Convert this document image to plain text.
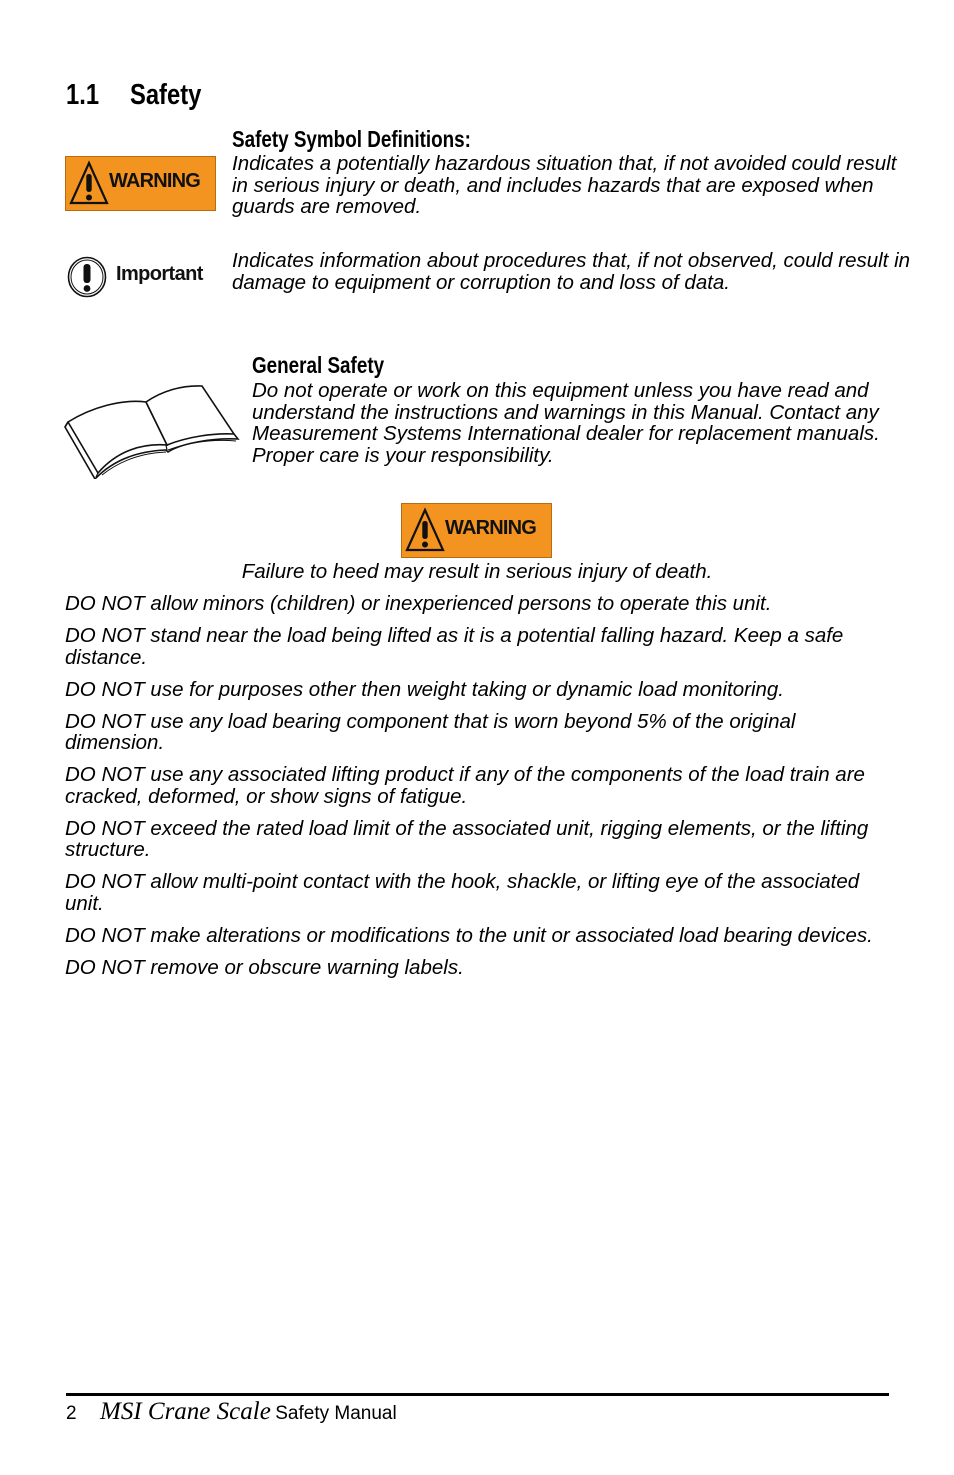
1.1 Safety
Safety Symbol Definitions:
WARNING
Indicates a potentially hazardous situation that, if not avoided could result in serious injury or death, and includes hazards that are exposed when guards are removed.
Important
Indicates information about procedures that, if not observed, could result in damage to equipment or corruption to and loss of data.
General Safety
Do not operate or work on this equipment unless you have read and understand the instructions and warnings in this Manual. Contact any Measurement Systems International dealer for replacement manuals. Proper care is your responsibility.
WARNING
Failure to heed may result in serious injury of death.
DO NOT allow minors (children) or inexperienced persons to operate this unit.
DO NOT stand near the load being lifted as it is a potential falling hazard. Keep a safe distance.
DO NOT use for purposes other then weight taking or dynamic load monitoring.
DO NOT use any load bearing component that is worn beyond 5% of the original dimension.
DO NOT use any associated lifting product if any of the components of the load train are cracked, deformed, or show signs of fatigue.
DO NOT exceed the rated load limit of the associated unit, rigging elements, or the lifting structure.
DO NOT allow multi-point contact with the hook, shackle, or lifting eye of the associated unit.
DO NOT make alterations or modifications to the unit or associated load bearing devices.
DO NOT remove or obscure warning labels.
2 MSI Crane Scale Safety Manual
